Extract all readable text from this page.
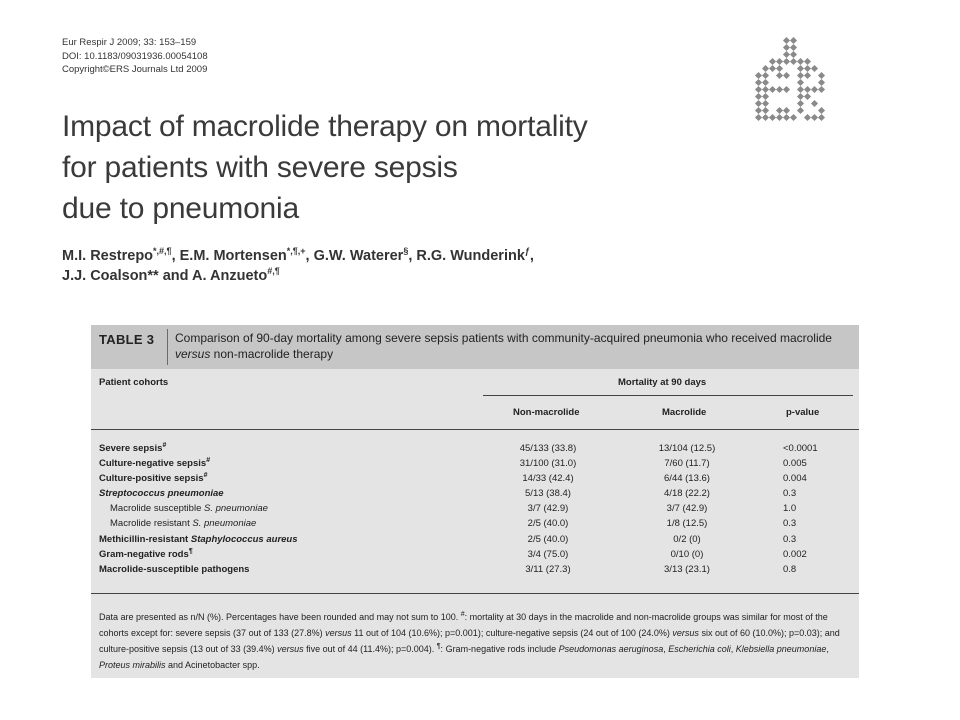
Eur Respir J 2009; 33: 153–159
DOI: 10.1183/09031936.00054108
Copyright©ERS Journals Ltd 2009
Impact of macrolide therapy on mortality
for patients with severe sepsis
due to pneumonia
M.I. Restrepo*,#,¶, E.M. Mortensen*,¶,+, G.W. Waterer§, R.G. Wunderink$^ƒ$,
J.J. Coalson** and A. Anzueto#,¶
TABLE 3 Comparison of 90-day mortality among severe sepsis patients with community-acquired pneumonia who received macrolide versus non-macrolide therapy
Patient cohorts	Mortality at 90 days
Non-macrolide	Macrolide	p-value
Severe sepsis#	45/133 (33.8)	13/104 (12.5)	<0.0001
Culture-negative sepsis#	31/100 (31.0)	7/60 (11.7)	0.005
Culture-positive sepsis#	14/33 (42.4)	6/44 (13.6)	0.004
Streptococcus pneumoniae	5/13 (38.4)	4/18 (22.2)	0.3
Macrolide susceptible S. pneumoniae	3/7 (42.9)	3/7 (42.9)	1.0
Macrolide resistant S. pneumoniae	2/5 (40.0)	1/8 (12.5)	0.3
Methicillin-resistant Staphylococcus aureus	2/5 (40.0)	0/2 (0)	0.3
Gram-negative rods¶	3/4 (75.0)	0/10 (0)	0.002
Macrolide-susceptible pathogens	3/11 (27.3)	3/13 (23.1)	0.8
Data are presented as n/N (%). Percentages have been rounded and may not sum to 100. #: mortality at 30 days in the macrolide and non-macrolide groups was similar for most of the cohorts except for: severe sepsis (37 out of 133 (27.8%) versus 11 out of 104 (10.6%); p=0.001); culture-negative sepsis (24 out of 100 (24.0%) versus six out of 60 (10.0%); p=0.03); and culture-positive sepsis (13 out of 33 (39.4%) versus five out of 44 (11.4%); p=0.004). ¶: Gram-negative rods include Pseudomonas aeruginosa, Escherichia coli, Klebsiella pneumoniae, Proteus mirabilis and Acinetobacter spp.
